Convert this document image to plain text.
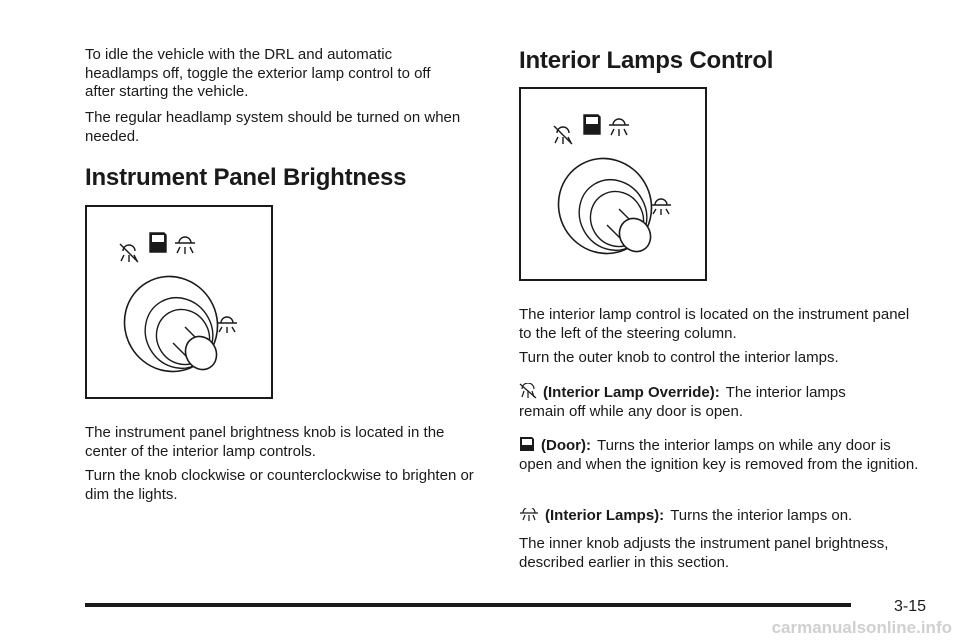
To idle the vehicle with the DRL and automatic headlamps off, toggle the exterior lamp control to off after starting the vehicle.

The regular headlamp system should be turned on when needed.

Instrument Panel Brightness

The instrument panel brightness knob is located in the center of the interior lamp controls.

Turn the knob clockwise or counterclockwise to brighten or dim the lights.

Interior Lamps Control

The interior lamp control is located on the instrument panel to the left of the steering column.

Turn the outer knob to control the interior lamps.

(Interior Lamp Override): The interior lamps remain off while any door is open.

(Door): Turns the interior lamps on while any door is open and when the ignition key is removed from the ignition.

(Interior Lamps): Turns the interior lamps on.

The inner knob adjusts the instrument panel brightness, described earlier in this section.

3-15
carmanualsonline.info
